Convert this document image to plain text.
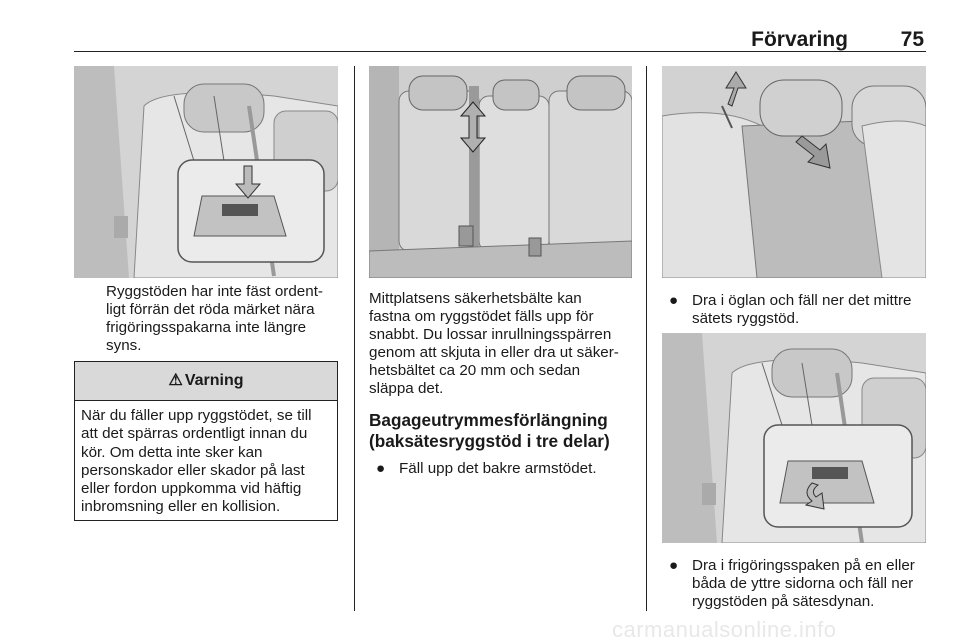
Förvaring	75

Ryggstöden har inte fäst ordent-

ligt förrän det röda märket nära

frigöringsspakarna inte längre

syns.

⚠ Varning
När du fäller upp ryggstödet, se till
att det spärras ordentligt innan du
kör. Om detta inte sker kan
personskador eller skador på last
eller fordon uppkomma vid häftig
inbromsning eller en kollision.

Mittplatsens säkerhetsbälte kan

fastna om ryggstödet fälls upp för

snabbt. Du lossar inrullningsspärren

genom att skjuta in eller dra ut säker-

hetsbältet ca 20 mm och sedan

släppa det.

Bagageutrymmesförlängning
(baksätesryggstöd i tre delar)
● Fäll upp det bakre armstödet.
● Dra i öglan och fäll ner det mittre
sätets ryggstöd.
● Dra i frigöringsspaken på en eller
båda de yttre sidorna och fäll ner
ryggstöden på sätesdynan.
carmanualsonline.info
